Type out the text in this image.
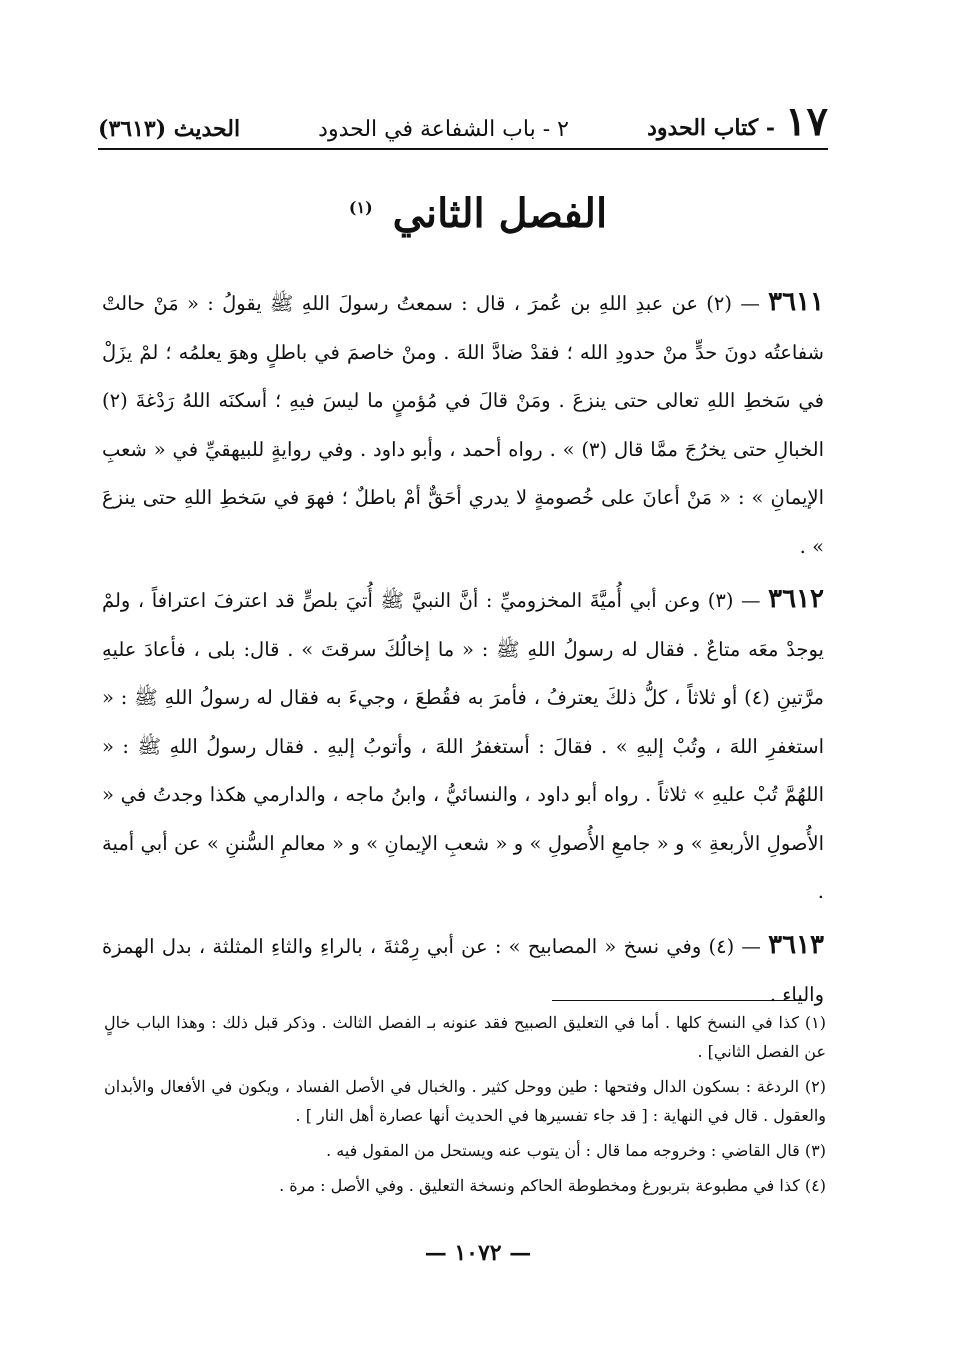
١٧
- كتاب الحدود
٢ - باب الشفاعة في الحدود
الحديث (٣٦١٣)
الفصل الثاني $^{(١)}$

٣٦١١ — (٢) عن عبدِ اللهِ بن عُمرَ ، قال : سمعتُ رسولَ اللهِ ﷺ يقولُ : « مَنْ حالتْ شفاعتُه دونَ حدٍّ منْ حدودِ الله ؛ فقدْ ضادَّ اللهَ . ومنْ خاصمَ في باطلٍ وهوَ يعلمُه ؛ لمْ يزَلْ في سَخطِ اللهِ تعالى حتى ينزعَ . ومَنْ قالَ في مُؤمنٍ ما ليسَ فيهِ ؛ أسكنَه اللهُ رَدْغةَ (٢) الخبالِ حتى يخرُجَ ممَّا قال (٣) » . رواه أحمد ، وأبو داود . وفي روايةٍ للبيهقيِّ في « شعبِ الإيمانِ » : « مَنْ أعانَ على خُصومةٍ لا يدري أحَقٌّ أمْ باطلٌ ؛ فهوَ في سَخطِ اللهِ حتى ينزعَ » .

٣٦١٢ — (٣) وعن أبي أُميَّةَ المخزوميِّ : أنَّ النبيَّ ﷺ أُتيَ بلصٍّ قد اعترفَ اعترافاً ، ولمْ يوجدْ معَه متاعٌ . فقال له رسولُ اللهِ ﷺ : « ما إخالُكَ سرقتَ » . قال: بلى ، فأعادَ عليهِ مرَّتينِ (٤) أو ثلاثاً ، كلُّ ذلكَ يعترفُ ، فأمرَ به فقُطعَ ، وجيءَ به فقال له رسولُ اللهِ ﷺ : « استغفرِ اللهَ ، وتُبْ إليهِ » . فقالَ : أستغفرُ اللهَ ، وأتوبُ إليهِ . فقال رسولُ اللهِ ﷺ : « اللهُمَّ تُبْ عليهِ » ثلاثاً . رواه أبو داود ، والنسائيُّ ، وابنُ ماجه ، والدارمي هكذا وجدتُ في « الأُصولِ الأربعةِ » و « جامعِ الأُصولِ » و « شعبِ الإيمانِ » و « معالمِ السُّننِ » عن أبي أمية .

٣٦١٣ — (٤) وفي نسخ « المصابيح » : عن أبي رِمْثةَ ، بالراءِ والثاءِ المثلثة ، بدل الهمزة والياء .

(١) كذا في النسخ كلها . أما في التعليق الصبيح فقد عنونه بـ الفصل الثالث . وذكر قبل ذلك : وهذا الباب خالٍ عن الفصل الثاني] .

(٢) الردغة : بسكون الدال وفتحها : طين ووحل كثير . والخبال في الأصل الفساد ، ويكون في الأفعال والأبدان والعقول . قال في النهاية : [ قد جاء تفسيرها في الحديث أنها عصارة أهل النار ] .

(٣) قال القاضي : وخروجه مما قال : أن يتوب عنه ويستحل من المقول فيه .

(٤) كذا في مطبوعة بتربورغ ومخطوطة الحاكم ونسخة التعليق . وفي الأصل : مرة .

— ١٠٧٢ —
